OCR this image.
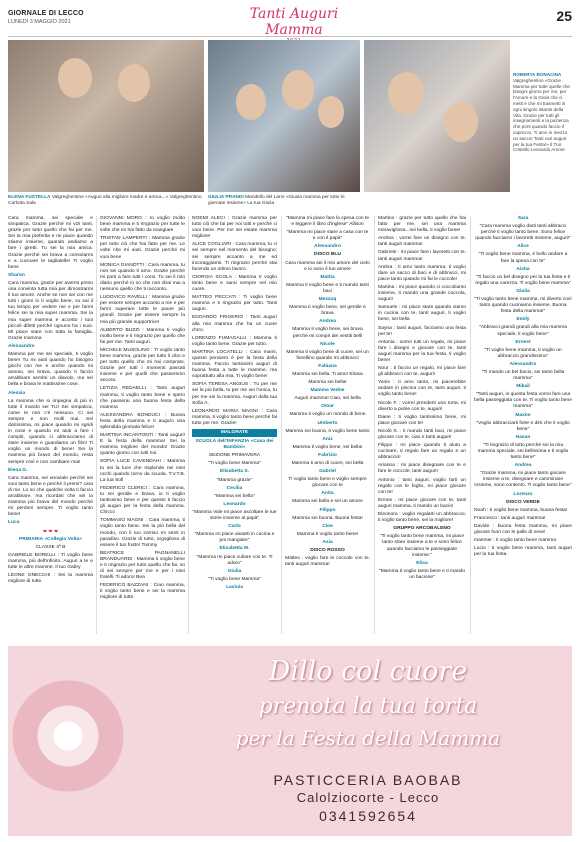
GIORNALE DI LECCO
LUNEDÌ 3 MAGGIO 2021	Tanti Auguri Mamma
25
ELENA FUSTELLA Valgreghentino «Auguri alla migliore madre e amica...» Valgreghentino Carlotta Sala
GIULIA PRANDI Mandello del Lario «Giusia mamma per tutte le giornate insieme» La tua Giulia
ROBERTA BONACINA
Valgreghentino «Grazie Mamma per tutte quelle che bisogni giorno per me, per l'Amore e la Gioia che ci metti e che mi trasmetti in ogni singolo istante della Vita. Grazie per tutti gli insegnamenti e la pazienza che porti quando faccio il capriccio. Ti amo in mezzo un sacco! Tanti cari auguri per la tua Festa!» Il Tuo Cristello Leonardo Amore

Cara mamma, sei speciale e simpatica. Grazie perché mi vizi tanti, grazie per tutto quello che fai per me. Sei la mia preferita e mi piace quando stiamo insieme, quando andiamo a fare i giretti. Tu sei la mia amica. Grazie perché sei brava a consolarmi e a cucinare le tagliatelle! Ti voglio bene

Sharon

Cara mamma, grazie per avermi preso una convinta tutta mia per dimostrarmi il tuo amore. Anche se non sei con me tutti i giorni io ti voglio bene, so sai il tuo tempo per vedere me e per farmi felice sei la mia super mamma. Sei la mia super mamma e accetto i tuoi piccoli difetti perché ognuno ha i suoi. Mi piace stare con tutta la famiglia. Grazie mamma

Alessandro

Mamma per me sei speciale, ti voglio bene! Tu mi aiuti quando ho bisogno giochi con me e anche quando mi annoio, sei brava, quando ti faccio arrabbiare sembri un diavolo, ma sei bella e brava le mattissime cose.

Alessia

La mamma che si impegna di più in tutte il mondo sei TU! Sei simpatica, come te non c'è nessuno. Ci sei sempre e non molli mai. Sei dolcissima, mi piace quando mi sgridi in cose e quando mi aiuti a fare i compiti, quando ci abbracciamo di stare insieme e guardiamo un film! Ti voglio un mondo di bene! Sei la mamma più bravo del mondo, resta sempre così e non cambiare mai!

Elena G.

Cara mamma, sei unoviale perché sei vuoi tanto bene e perché il premi? cara di me. Lo so che qualche volta ti faccio arrabbiare, ma ricordati che sei la mamma più brava del mondo perché mi perdoni sempre. Ti voglio tanto bene!

Luca

❤ ❤ ❤

PRIMARIA «Collegio Volta»

CLASSE 4ª B

GABRIELE BORELLI : Ti voglio bene mamma, più dell'infinito. Auguri a te e tutte le altre mamme. Il tuo Gabry

LEONE GNECCHI : Sei la mamma migliore di tutte.

GIOVANNI MORO : Io voglio molto bene mamma e ti ringrazio per tutte le volte che mi hai fatto da mangiare

TRISTAN LAMPERTI : Mamma grazie per tutto ciò che hai fatto per me. Le volte che mi aiuti. Grazie perché mi vuoi bene

MONICA GIANOTTI : Cara mamma, tu non sei quando ti amo. Grazie perché mi porti a fare tutti i corsi. Tu sei il mio diario perché io so che non dirai mai a nessuno quello che ti racconto.

LUDOVICO RAVELLI : Mamma grazie per essere sempre accanto a me e per farmi superare tutte le paure più grandi. Grazie per essere sempre la mia più grande supportrice!

ALBERTO BUZZI : Mamma ti voglio molto bene e ti ringrazio per quello che fai per me. Tanti auguri.

MICHELE MUSOLINO : Ti voglio tanto bene mamma, grazie per tutto il cibo e per tutto quello che mi hai comprato. Grazie per tutti i momenti passati insieme e per quelli che passeremo ancora.

LETIZIA REDAELLI : Tanti auguri mamma, ti voglio tanto bene e spero che passerai una buona festa della mamma

ALESSANDRA BONDUCI : Buona festa della mamma e ti auguro una splendida giornata felice!

MARTINA INCANTONTI : Tanti auguri! E la festa della mamma! Sei la mamma migliore del mondo! Grazie quanto giorno con tutti noi.

SOFIA LUCE CAVENDAHI : Mamma tu sei la luce che risplende nei miei occhi quando torno da scuola. T.V.T.B. La tua Sofi

FEDERICO CLERICI : Cara mamma, tu sei gentile e brava, io ti voglio tantissimo bene e per questo ti faccio gli auguri per la festa della mamma. Chicco

TOMMASO MAGNI : Cara mamma, ti voglio tanto bene. Sei la più bella del mondo, con il tuo sorriso mi senti in paradiso. Grazie di tutto, orgoglioso di essere il tuo frutto! Tommy

BEATRICE PAGNANELLI BRANDUARDI : Mamma ti voglio bene e ti ringrazio per tutto quello che fai, so di sei sempre per me e per i miei fratelli. Ti adoro! Bea

FEDERICO BAZZANI : Ciao mamma, ti voglio tanto bene e sei la mamma migliore di tutte.

NOEMI ALECI : Grazie mamma per tutto ciò che fai per noi tutti e perché ci vuoi bene. Per me sei estate mamma migliore!

ALICE COGLIARI : Cara mamma, tu ci sei sempre nel momento del bisogno; sei sempre accanto a me ed incoraggiarmi. Ti ringrazio perché stai facendo un ottimo lavoro.

GIORGIA SCOLA : Mamma ti voglio tanto bene e sarai sempre nel mio cuore.

MATTEO PECCATI : Ti voglio bene mamma e ti ringrazio per tutto. Tanti auguri.

EDOARDO FRIGERIO : Tanti auguri alla mia mamma che ha un cuore d'oro.

LORENZO FUMAGALLI : Mamma ti voglio tanto bene. Grazie per tutto.

MARTINA LOCATELLI : Cara mami, questo pensiero è per la festa della mamma. Faccio tantissimi auguri di buona festa a tutte le mamme, ma soprattutto alla mia. Ti voglio bene!

SOFIA TERESA ANGIUS : Tu per me sei la più bella, tu per me sei l'unica, tu per me sei la mamma. Auguri dalla tua Sofia A.

LEONARDO MARIA MAGNI : Cara mamma, ti voglio tanto bene perché fai tutto per me. Grazie!

MALGRATE

SCUOLA dell'INFANZIA «Casa dei Bambini»

SEZIONE PRIMAVERA

"Ti voglio bene Mamma"

Elisabetta S.

"Mamma grazie"

Cecilia

"Mamma sei bella"

Leonardo

"Mamma Vale mi piace ascoltare le tue storie insieme al papà"

Carlo

"Mamma mi piace aiutarti in cucina e poi mangiare"

Elisabetta M.

"Mamma mi piace cullare con te. Ti adoro"

Giulia

"Ti voglio bene Mamma"

Lavinia

"Mamma mi piace fare la spesa con te e leggere il libro d'inglese" Allison

"Mamma mi piace stare a casa con te e con il papà"

Alessandro

DISCO BLU

Cara mamma sei il mio amore del cielo e io sono il tuo amore

Mattia

Mamma ti voglio bene e ti mando tanti baci

Mezzuq

Mamma ti voglio bene, sei gentile e brava

Andrea

Mamma ti voglio bene, sei brava perché mi compri dei vestiti belli

Nicole

Mamma ti voglio bene di cuore, sei un fiorellino quando mi abbracci

Fabiana

Mamma sei bella. Ti amo! Eloisa

Mamma sei bella!

Mamma Vedne

Auguri mamma! Ciao, sei bella

Omar

Mamma ti voglio un mondo di bene

Umberto

Mamma sei buona, ti voglio bene tanto

Aniz

Mamma ti voglio bene, sei bella!

Fabrizio

Mamma ti amo di cuore, sei bella

Gabriel

Ti voglio tanto bene e voglio sempre giocare con te

Anita

Mamma sei bella e sei un amore

Filippo

Mamma sei buona. Buona festa!

Cloe

Mamma ti voglio tanto bene!

Asia

DISCO ROSSO

Matteo : voglio fare le coccole con te, tanti auguri mamma!

Martino : grazie per tutto quello che hai fatto per me, sei una mamma meravigliosa...sei bella, ti voglio bene!

Andrea : vorrei fare un disegno con te, tanti auguri mamma!

Gabriele : mi piace fare i lavoretti con te, tanti auguri mamma!

Ambra : ti amo tanto mamma, ti voglio dare un sacco di baci e di abbracci, mi piace tanto quando mi fai le coccole!

Martina : mi piace quando ci coccoliamo insieme, ti mando una grande coccola, auguri!

Samuele : mi piace stare quando siamo in cucina con te, tanti auguri, ti voglio bene, sei bella

Sayna : tanti auguri, facciamo una festa per te!

Antonia : sorrei tutti un regalo, mi piace fare i disegni e giocare con te, tanti auguri mamma per la tua festa, ti voglio bene!

Nour : ti faccio un regalo, mi piace fare gli abbracci con te, auguri!

Yonis : ti amo tanto, mi piacerebbe andare in piscina con te, tanti auguri, ti voglio tanto bene!

Nicole F. : vorrei prenderti una torta, mi diverto a pulire con te, auguri!

Diane : ti voglio tantissimo bene, mi piace giocare con te!

Nicolò S. : ti mando tanti baci, mi piace giocare con te, ciao e tanti auguri!

Filippo : mi piace quando ti aiuto a cucinare, ti regalo fare un regalo e un abbraccio!

Arianna : mi piace disegnare con te e fare le coccole, tanti auguri!

Antonio : tanti auguri, voglio farti un regalo con le foglio, mi piace giocare con te!

Ermes : mi piace giocare con te, tanti auguri mamma, ti mando un bacio!

Eleonora : voglio regalarti un abbraccio, ti voglio tanto bene, sei la migliore!

GRUPPO ARCOBALENO

"Ti voglio tanto bene mamma, mi piace tanto stare insieme a te e sono felice quando facciamo le passeggiate insieme."

Elisa

"Mamma ti voglio tanto bene e ti mando un bacione"

Sara

"Cara mamma voglio darti tanti abbracci perché ti voglio tanto bene. Sono felice quando facciamo i lavoretti insieme, auguri!"

Alice

"Ti voglio bene mamma, è bello andare a fare la spesa con te"

Aisha

"Ti faccio un bel disegno per la tua festa e ti regalo una carezza. Ti voglio bene mamma"

Giulia

"Ti voglio tanto bene mamma, mi diverto così tanto quando cuciniamo insieme. Buona festa della mamma!"

Emily

"Abbracci grandi grandi alla mia mamma speciale, ti voglio bene"

Ernest

"Ti voglio bene mamma, ti voglio un abbraccio grandissimo"

Alessandro

"Ti mando un bel bacio, sei tanto bella mamma"

Mikail

"Tanti auguri, in questa festa vorrei fare una bella passeggiata con te. Ti voglio tanto bene mamma"

Maxim

"Voglio abbracciarti forte e dirti che ti voglio bene"

Hasan

"Ti ringrazio di tutto perché sei la mia mamma speciale, sei bellissima e ti voglio tanto bene"

Andrea

"Grazie mamma, mi piace tanto giocare insieme a te, disegnare e camminare insieme, sono contento. Ti voglio tanto bene"

Lorenzo

DISCO VERDE

Noah : ti voglio bene mamma, buona festa!

Francesco : tanti auguri mamma!

Davide : buona festa mamma, mi piace giocare fuori con le palle di neve!

manmer : ti voglio tanto bene mamma

Lucio : ti voglio bene mamma, tanti auguri per la tua festa.

Dillo col cuore
prenota la tua torta
per la Festa della Mamma
PASTICCERIA BAOBAB
Calolziocorte - Lecco
0341592654
